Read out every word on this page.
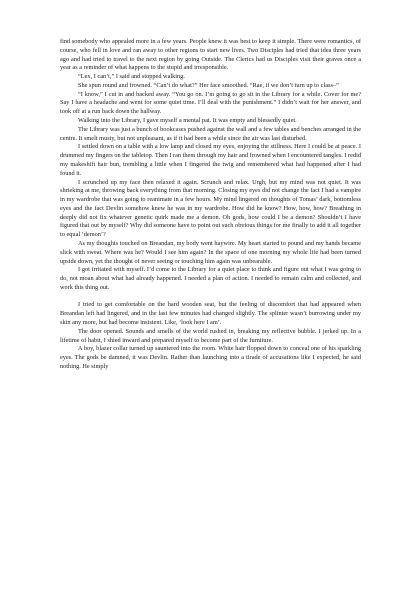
find somebody who appealed more in a few years. People knew it was best to keep it simple. There were romantics, of course, who fell in love and ran away to other regions to start new lives. Two Disciples had tried that idea three years ago and had tried to travel to the next region by going Outside. The Clerics had us Disciples visit their graves once a year as a reminder of what happens to the stupid and irresponsible.

“Lex, I can’t,” I said and stopped walking.

She spun round and frowned. “Can’t do what?” Her face smoothed. “Rae, if we don’t turn up to class–”

“I know,” I cut in and backed away. “You go on. I’m going to go sit in the Library for a while. Cover for me? Say I have a headache and went for some quiet time. I’ll deal with the punishment.” I didn’t wait for her answer, and took off at a run back down the hallway.

Walking into the Library, I gave myself a mental pat. It was empty and blessedly quiet.

The Library was just a bunch of bookcases pushed against the wall and a few tables and benches arranged in the centre. It smelt musty, but not unpleasant, as if it had been a while since the air was last disturbed.

I settled down on a table with a low lamp and closed my eyes, enjoying the stillness. Here I could be at peace. I drummed my fingers on the tabletop. Then I ran them through my hair and frowned when I encountered tangles. I redid my makeshift hair bun, trembling a little when I fingered the twig and remembered what had happened after I had found it.

I scrunched up my face then relaxed it again. Scrunch and relax. Urgh, but my mind was not quiet. It was shrieking at me, throwing back everything from that morning. Closing my eyes did not change the fact I had a vampire in my wardrobe that was going to reanimate in a few hours. My mind lingered on thoughts of Tomas’ dark, bottomless eyes and the fact Devlin somehow knew he was in my wardrobe. How did he know? How, how, how? Breathing in deeply did not fix whatever genetic quirk made me a demon. Oh gods, how could I be a demon? Shouldn’t I have figured that out by myself? Why did someone have to point out such obvious things for me finally to add it all together to equal ‘demon’?

As my thoughts touched on Breandan, my body went haywire. My heart started to pound and my hands became slick with sweat. Where was he? Would I see him again? In the space of one morning my whole life had been turned upside down, yet the thought of never seeing or touching him again was unbearable.

I got irritated with myself. I’d come to the Library for a quiet place to think and figure out what I was going to do, not moan about what had already happened. I needed a plan of action. I needed to remain calm and collected, and work this thing out.

I tried to get comfortable on the hard wooden seat, but the feeling of discomfort that had appeared when Breandan left had lingered, and in the last few minutes had changed slightly. The splinter wasn’t burrowing under my skin any more, but had become insistent. Like, ‘look here I am’.

The door opened. Sounds and smells of the world rushed in, breaking my reflective bubble. I jerked up. In a lifetime of habit, I shied inward and prepared myself to become part of the furniture.

A boy, blazer collar turned up sauntered into the room. White hair flopped down to conceal one of his sparkling eyes. The gods be damned, it was Devlin. Rather than launching into a tirade of accusations like I expected, he said nothing. He simply
